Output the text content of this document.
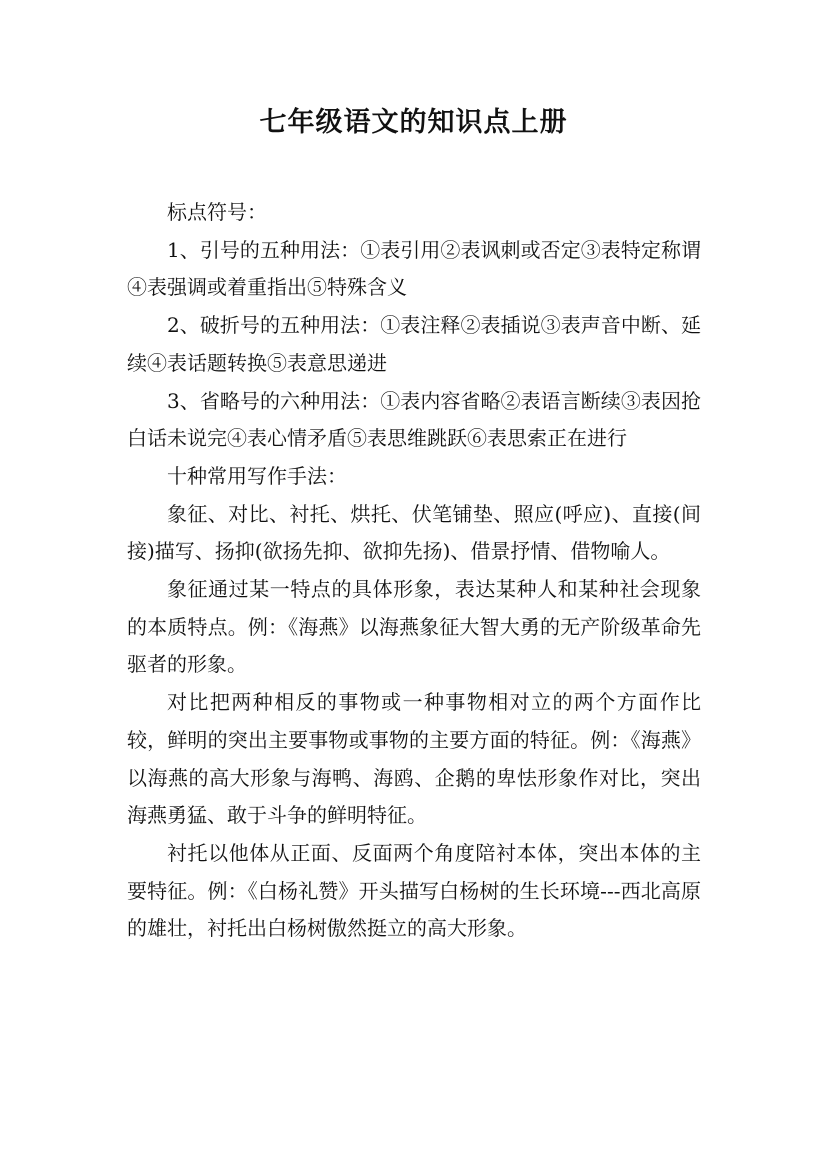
七年级语文的知识点上册

标点符号：

1、引号的五种用法：①表引用②表讽刺或否定③表特定称谓④表强调或着重指出⑤特殊含义

2、破折号的五种用法：①表注释②表插说③表声音中断、延续④表话题转换⑤表意思递进

3、省略号的六种用法：①表内容省略②表语言断续③表因抢白话未说完④表心情矛盾⑤表思维跳跃⑥表思索正在进行

十种常用写作手法：

象征、对比、衬托、烘托、伏笔铺垫、照应(呼应)、直接(间接)描写、扬抑(欲扬先抑、欲抑先扬)、借景抒情、借物喻人。

象征通过某一特点的具体形象，表达某种人和某种社会现象的本质特点。例：《海燕》以海燕象征大智大勇的无产阶级革命先驱者的形象。

对比把两种相反的事物或一种事物相对立的两个方面作比较，鲜明的突出主要事物或事物的主要方面的特征。例：《海燕》以海燕的高大形象与海鸭、海鸥、企鹅的卑怯形象作对比，突出海燕勇猛、敢于斗争的鲜明特征。

衬托以他体从正面、反面两个角度陪衬本体，突出本体的主要特征。例：《白杨礼赞》开头描写白杨树的生长环境---西北高原的雄壮，衬托出白杨树傲然挺立的高大形象。
